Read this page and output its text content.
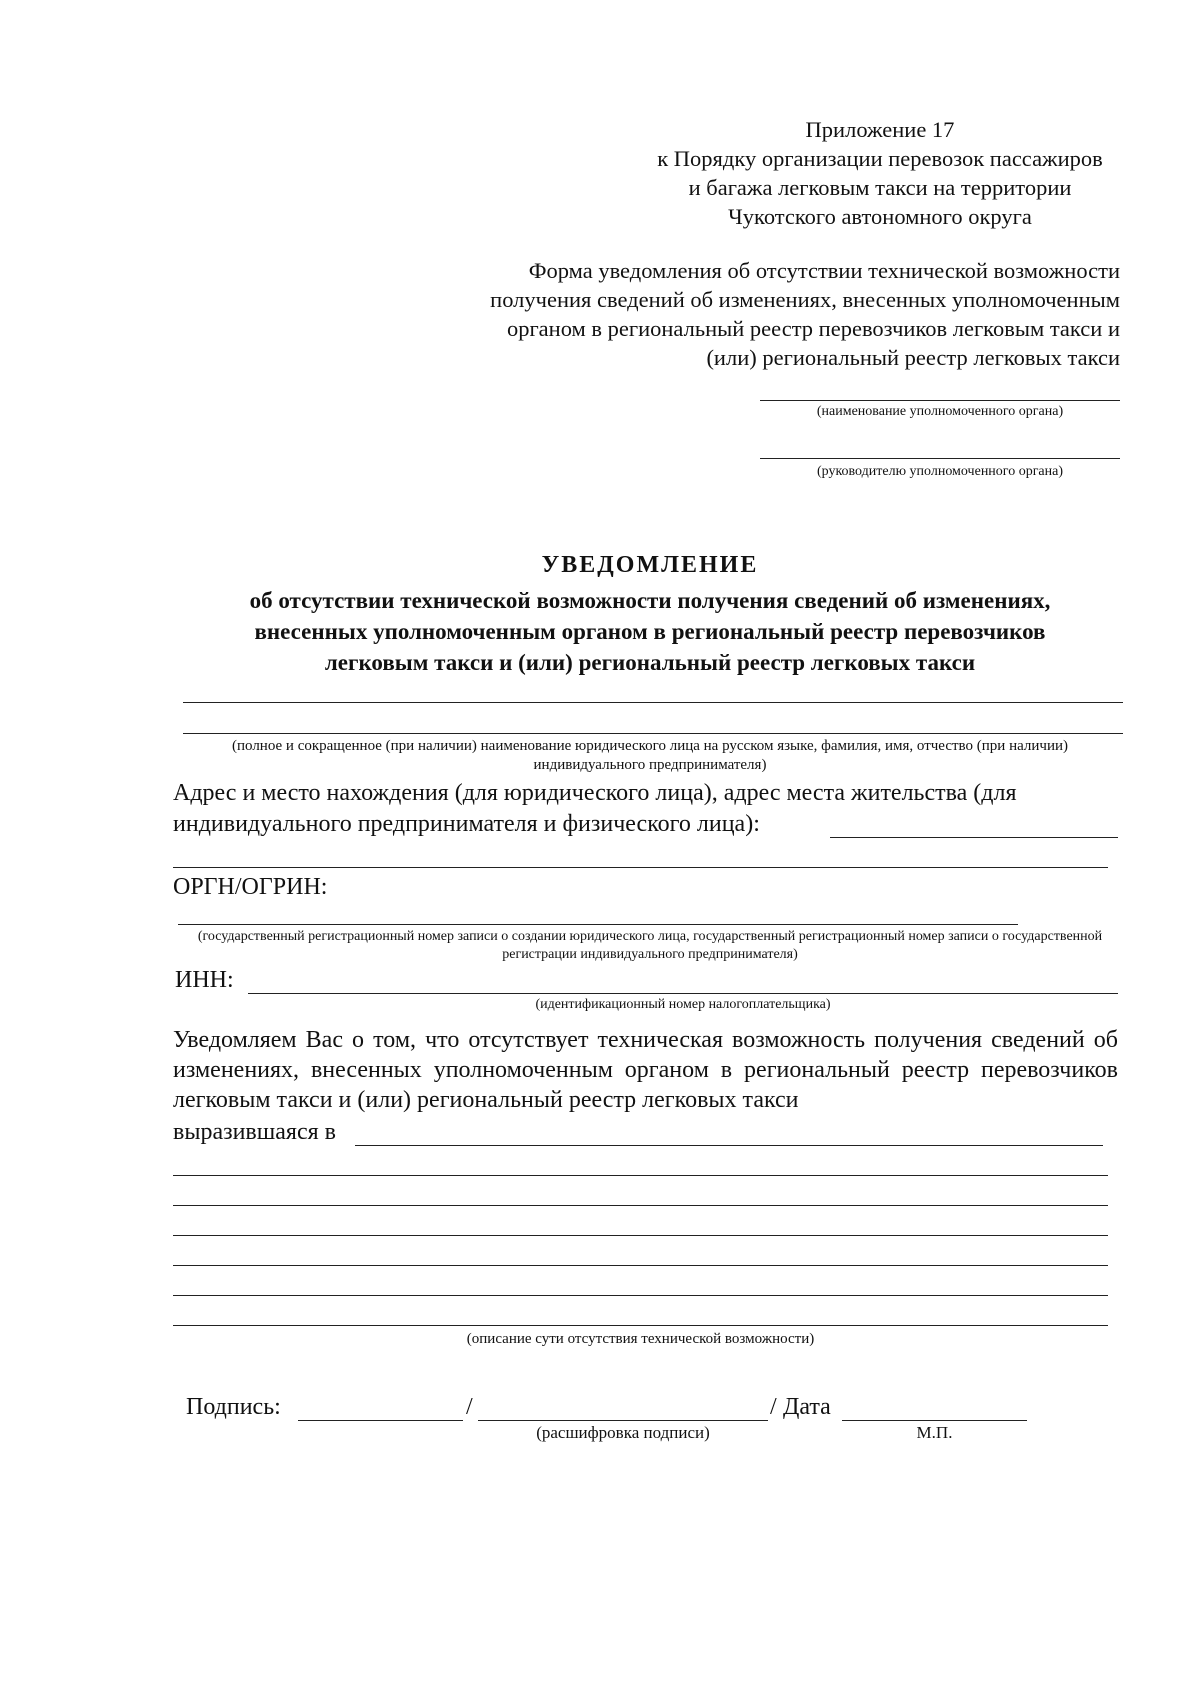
Приложение 17
к Порядку организации перевозок пассажиров
и багажа легковым такси на территории
Чукотского автономного округа
Форма уведомления об отсутствии технической возможности
получения сведений об изменениях, внесенных уполномоченным
органом в региональный реестр перевозчиков легковым такси и
(или) региональный реестр легковых такси
(наименование уполномоченного органа)
(руководителю уполномоченного органа)
УВЕДОМЛЕНИЕ
об отсутствии технической возможности получения сведений об изменениях,
внесенных уполномоченным органом в региональный реестр перевозчиков
легковым такси и (или) региональный реестр легковых такси
(полное и сокращенное (при наличии) наименование юридического лица на русском языке, фамилия, имя, отчество (при наличии) индивидуального предпринимателя)
Адрес и место нахождения (для юридического лица), адрес места жительства (для
индивидуального предпринимателя и физического лица):
ОРГН/ОГРИН:
(государственный регистрационный номер записи о создании юридического лица, государственный регистрационный номер записи о государственной регистрации индивидуального предпринимателя)
ИНН:
(идентификационный номер налогоплательщика)
Уведомляем Вас о том, что отсутствует техническая возможность получения сведений об изменениях, внесенных уполномоченным органом в региональный реестр перевозчиков легковым такси и (или) региональный реестр легковых такси
выразившаяся в
(описание сути отсутствия технической возможности)
Подпись:	/	/ Дата
(расшифровка подписи)	М.П.
